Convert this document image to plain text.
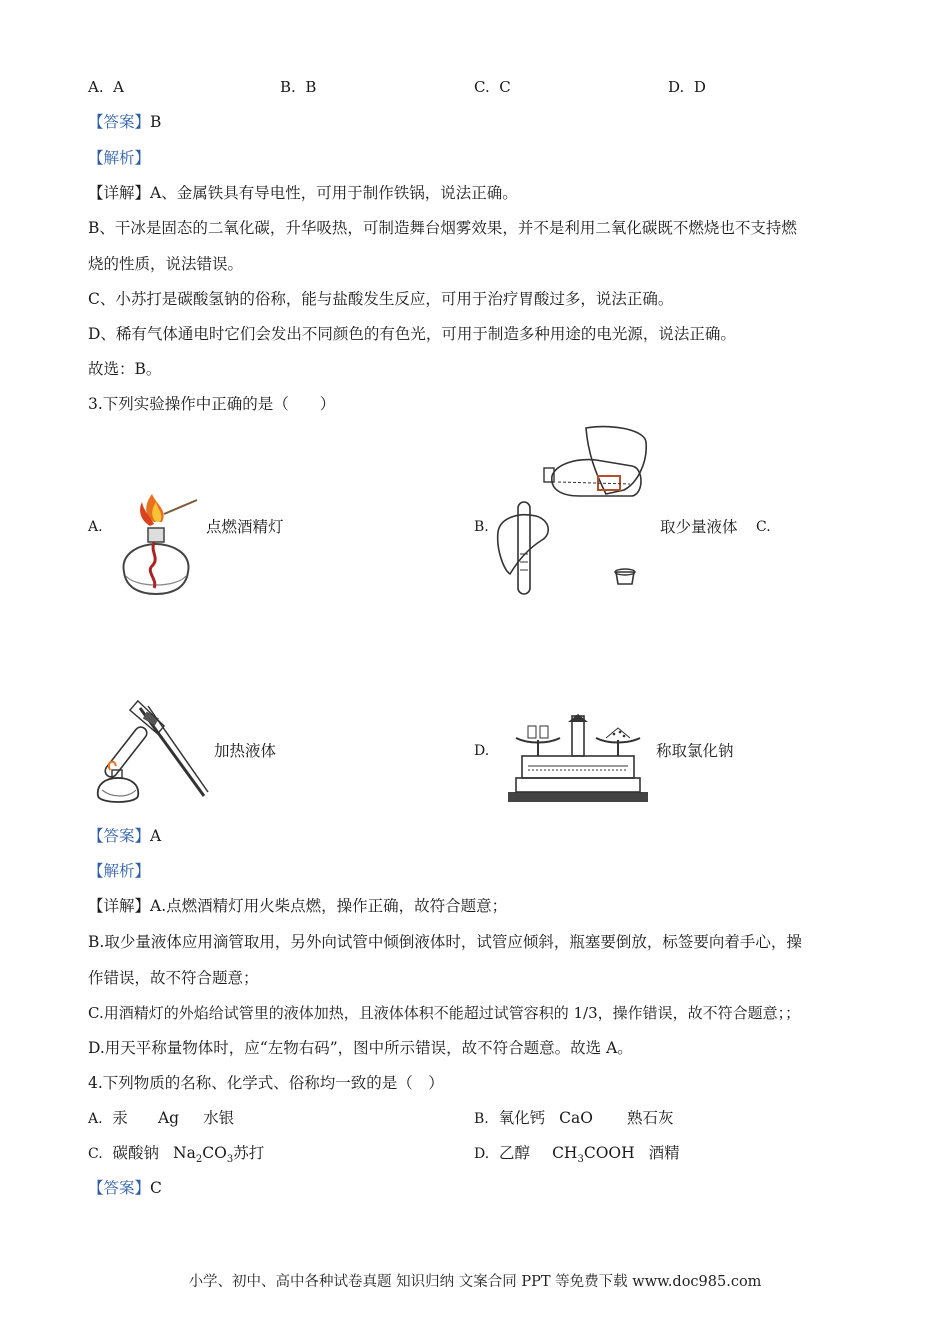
A. A	B. B	C. C	D. D
【答案】B
【解析】
【详解】A、金属铁具有导电性，可用于制作铁锅，说法正确。
B、干冰是固态的二氧化碳，升华吸热，可制造舞台烟雾效果，并不是利用二氧化碳既不燃烧也不支持燃
烧的性质，说法错误。
C、小苏打是碳酸氢钠的俗称，能与盐酸发生反应，可用于治疗胃酸过多，说法正确。
D、稀有气体通电时它们会发出不同颜色的有色光，可用于制造多种用途的电光源，说法正确。
故选：B。
3.下列实验操作中正确的是（　　）
A.	点燃酒精灯	B.	取少量液体 C.
加热液体	D.	称取氯化钠
【答案】A
【解析】
【详解】A.点燃酒精灯用火柴点燃，操作正确，故符合题意；
B.取少量液体应用滴管取用，另外向试管中倾倒液体时，试管应倾斜，瓶塞要倒放，标签要向着手心，操
作错误，故不符合题意；
C.用酒精灯的外焰给试管里的液体加热，且液体体积不能超过试管容积的 1/3，操作错误，故不符合题意；；
D.用天平称量物体时，应“左物右码”，图中所示错误，故不符合题意。故选 A。
4.下列物质的名称、化学式、俗称均一致的是（　）
A. 汞 Ag 水银	B. 氧化钙 CaO 熟石灰
C. 碳酸钠 $Na_2CO_3$苏打	D. 乙醇 $CH_3COOH$ 酒精
【答案】C
小学、初中、高中各种试卷真题 知识归纳 文案合同 PPT 等免费下载 www.doc985.com
